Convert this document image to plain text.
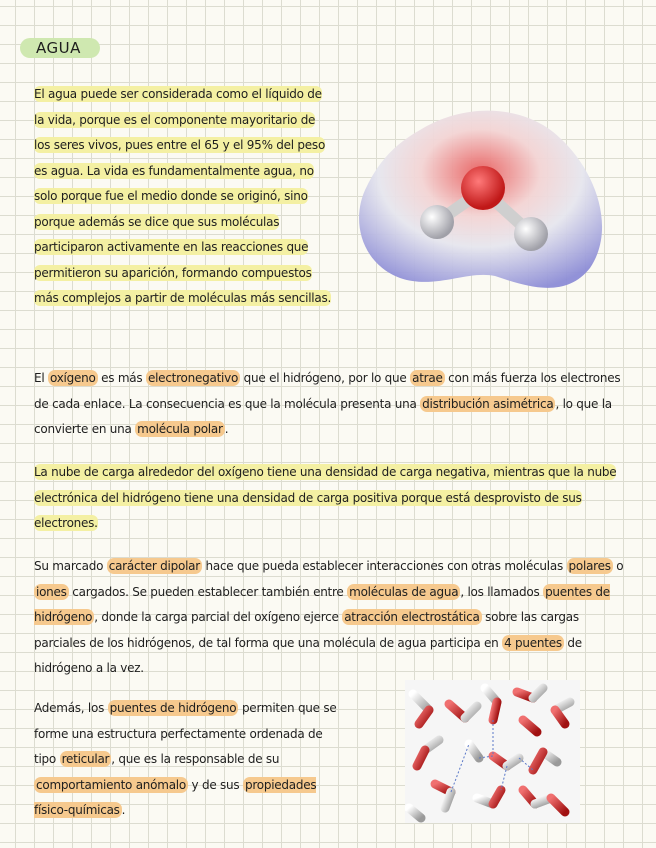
AGUA
El agua puede ser considerada como el líquido de la vida, porque es el componente mayoritario de los seres vivos, pues entre el 65 y el 95% del peso es agua. La vida es fundamentalmente agua, no solo porque fue el medio donde se originó, sino porque además se dice que sus moléculas participaron activamente en las reacciones que permitieron su aparición, formando compuestos más complejos a partir de moléculas más sencillas.
El oxígeno es más electronegativo que el hidrógeno, por lo que atrae con más fuerza los electrones de cada enlace. La consecuencia es que la molécula presenta una distribución asimétrica , lo que la convierte en una molécula polar .
La nube de carga alrededor del oxígeno tiene una densidad de carga negativa, mientras que la nube electrónica del hidrógeno tiene una densidad de carga positiva porque está desprovisto de sus electrones.
Su marcado carácter dipolar hace que pueda establecer interacciones con otras moléculas polares o iones cargados. Se pueden establecer también entre moléculas de agua , los llamados puentes de hidrógeno , donde la carga parcial del oxígeno ejerce atracción electrostática sobre las cargas parciales de los hidrógenos, de tal forma que una molécula de agua participa en 4 puentes de hidrógeno a la vez.
Además, los puentes de hidrógeno permiten que se forme una estructura perfectamente ordenada de tipo reticular , que es la responsable de su comportamiento anómalo y de sus propiedades físico-químicas .
